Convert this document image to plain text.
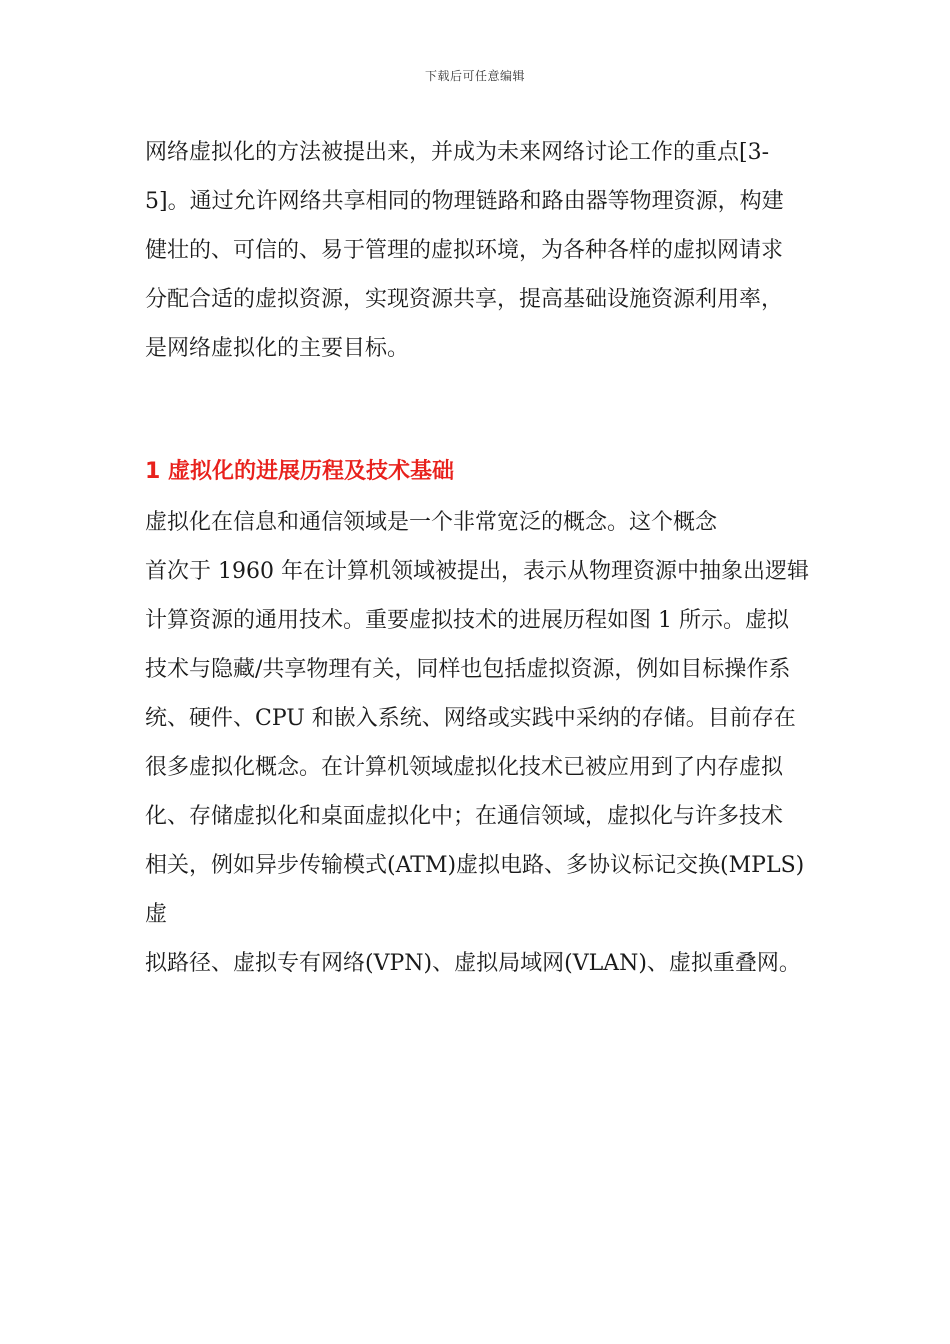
下载后可任意编辑

网络虚拟化的方法被提出来，并成为未来网络讨论工作的重点[3-
5]。通过允许网络共享相同的物理链路和路由器等物理资源，构建
健壮的、可信的、易于管理的虚拟环境，为各种各样的虚拟网请求
分配合适的虚拟资源，实现资源共享，提高基础设施资源利用率，
是网络虚拟化的主要目标。

1 虚拟化的进展历程及技术基础

虚拟化在信息和通信领域是一个非常宽泛的概念。这个概念
首次于 1960 年在计算机领域被提出，表示从物理资源中抽象出逻辑
计算资源的通用技术。重要虚拟技术的进展历程如图 1 所示。虚拟
技术与隐藏/共享物理有关，同样也包括虚拟资源，例如目标操作系
统、硬件、CPU 和嵌入系统、网络或实践中采纳的存储。目前存在
很多虚拟化概念。在计算机领域虚拟化技术已被应用到了内存虚拟
化、存储虚拟化和桌面虚拟化中；在通信领域，虚拟化与许多技术
相关，例如异步传输模式(ATM)虚拟电路、多协议标记交换(MPLS)虚
拟路径、虚拟专有网络(VPN)、虚拟局域网(VLAN)、虚拟重叠网。
